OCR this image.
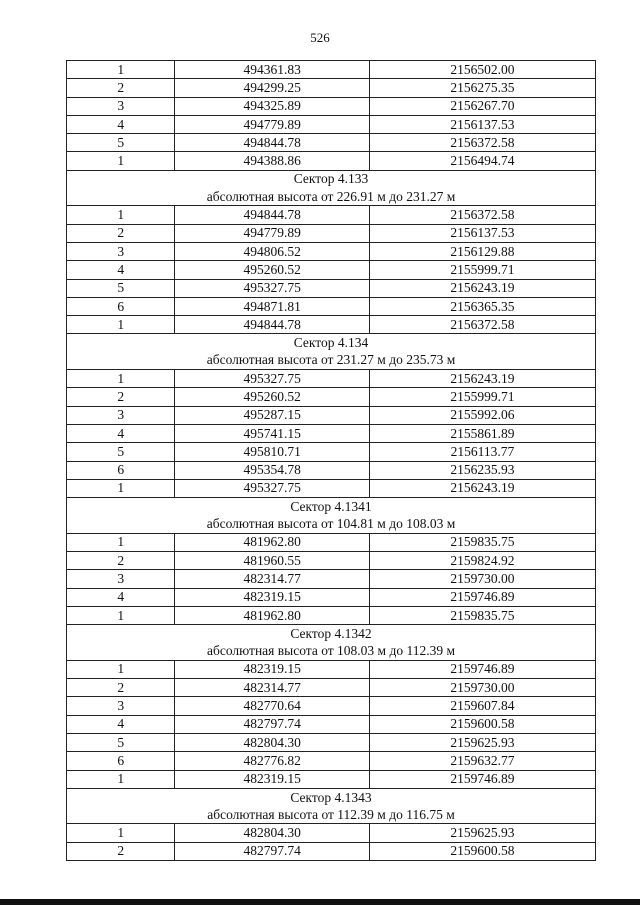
526
1	494361.83	2156502.00
2	494299.25	2156275.35
3	494325.89	2156267.70
4	494779.89	2156137.53
5	494844.78	2156372.58
1	494388.86	2156494.74
Сектор 4.133		
абсолютная высота от 226.91 м до 231.27 м		
1	494844.78	2156372.58
2	494779.89	2156137.53
3	494806.52	2156129.88
4	495260.52	2155999.71
5	495327.75	2156243.19
6	494871.81	2156365.35
1	494844.78	2156372.58
Сектор 4.134		
абсолютная высота от 231.27 м до 235.73 м		
1	495327.75	2156243.19
2	495260.52	2155999.71
3	495287.15	2155992.06
4	495741.15	2155861.89
5	495810.71	2156113.77
6	495354.78	2156235.93
1	495327.75	2156243.19
Сектор 4.1341		
абсолютная высота от 104.81 м до 108.03 м		
1	481962.80	2159835.75
2	481960.55	2159824.92
3	482314.77	2159730.00
4	482319.15	2159746.89
1	481962.80	2159835.75
Сектор 4.1342		
абсолютная высота от 108.03 м до 112.39 м		
1	482319.15	2159746.89
2	482314.77	2159730.00
3	482770.64	2159607.84
4	482797.74	2159600.58
5	482804.30	2159625.93
6	482776.82	2159632.77
1	482319.15	2159746.89
Сектор 4.1343		
абсолютная высота от 112.39 м до 116.75 м		
1	482804.30	2159625.93
2	482797.74	2159600.58
